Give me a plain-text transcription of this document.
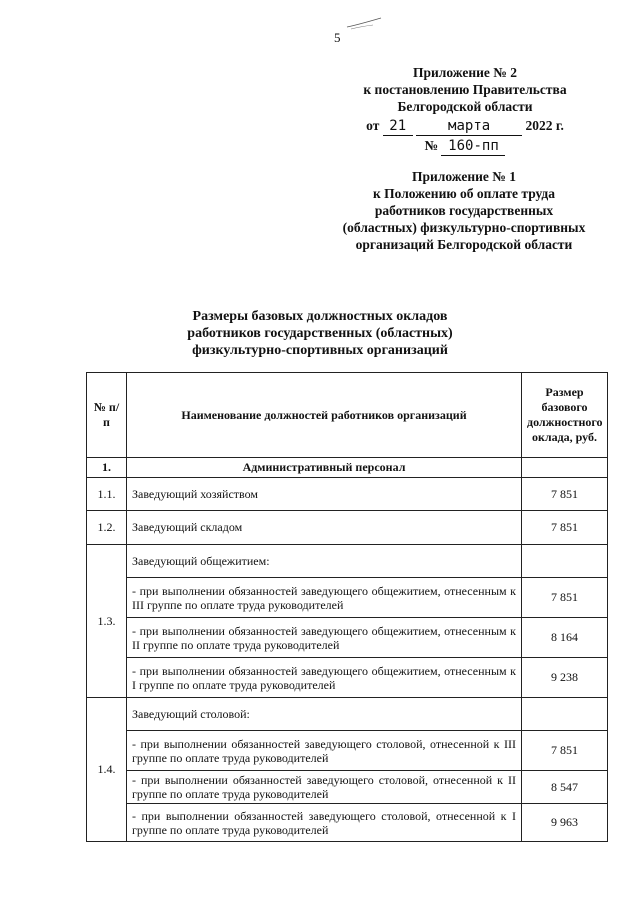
5
Приложение № 2
к постановлению Правительства
Белгородской области
от 21	марта	2022 г.
№ 160-пп
Приложение № 1
к Положению об оплате труда
работников государственных
(областных) физкультурно-спортивных
организаций Белгородской области
Размеры базовых должностных окладов
работников государственных (областных)
физкультурно-спортивных организаций
№ п/п	Наименование должностей работников организаций	Размер базового должностного оклада, руб.
1.	Административный персонал	
1.1.	Заведующий хозяйством	7 851
1.2.	Заведующий складом	7 851
1.3.	Заведующий общежитием:	
	- при выполнении обязанностей заведующего общежитием, отнесенным к III группе по оплате труда руководителей	7 851
	- при выполнении обязанностей заведующего общежитием, отнесенным к II группе по оплате труда руководителей	8 164
	- при выполнении обязанностей заведующего общежитием, отнесенным к I группе по оплате труда руководителей	9 238
1.4.	Заведующий столовой:	
	- при выполнении обязанностей заведующего столовой, отнесенной к III группе по оплате труда руководителей	7 851
	- при выполнении обязанностей заведующего столовой, отнесенной к II группе по оплате труда руководителей	8 547
	- при выполнении обязанностей заведующего столовой, отнесенной к I группе по оплате труда руководителей	9 963
